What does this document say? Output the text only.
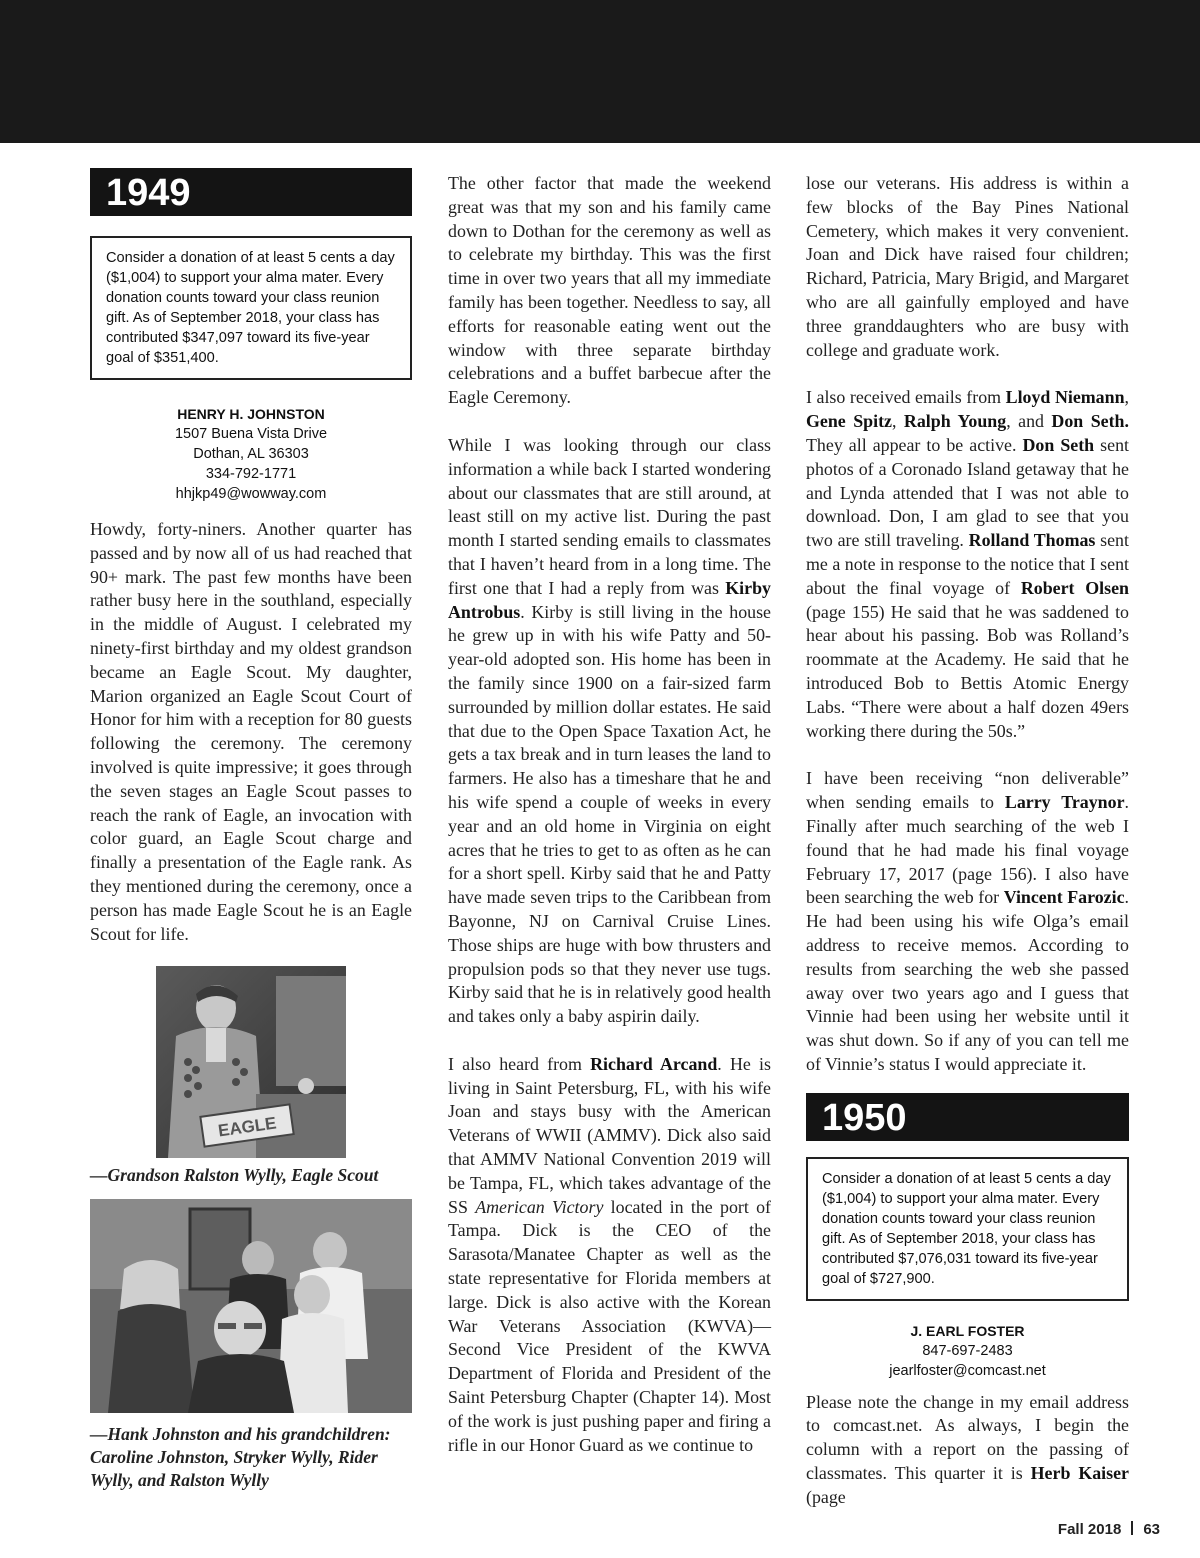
1949
Consider a donation of at least 5 cents a day ($1,004) to support your alma mater. Every donation counts toward your class reunion gift. As of September 2018, your class has contributed $347,097 toward its five-year goal of $351,400.
HENRY H. JOHNSTON
1507 Buena Vista Drive
Dothan, AL 36303
334-792-1771
hhjkp49@wowway.com

Howdy, forty-niners. Another quarter has passed and by now all of us had reached that 90+ mark. The past few months have been rather busy here in the southland, especially in the middle of August. I celebrated my ninety-first birthday and my oldest grandson became an Eagle Scout. My daughter, Marion organized an Eagle Scout Court of Honor for him with a reception for 80 guests following the ceremony. The ceremony involved is quite impressive; it goes through the seven stages an Eagle Scout passes to reach the rank of Eagle, an invocation with color guard, an Eagle Scout charge and finally a presentation of the Eagle rank. As they mentioned during the ceremony, once a person has made Eagle Scout he is an Eagle Scout for life.

EAGLE
—Grandson Ralston Wylly, Eagle Scout
—Hank Johnston and his grandchildren: Caroline Johnston, Stryker Wylly, Rider Wylly, and Ralston Wylly

The other factor that made the weekend great was that my son and his family came down to Dothan for the ceremony as well as to celebrate my birthday. This was the first time in over two years that all my immediate family has been together. Needless to say, all efforts for reasonable eating went out the window with three separate birthday celebrations and a buffet barbecue after the Eagle Ceremony.

While I was looking through our class information a while back I started wondering about our classmates that are still around, at least still on my active list. During the past month I started sending emails to classmates that I haven’t heard from in a long time. The first one that I had a reply from was Kirby Antrobus. Kirby is still living in the house he grew up in with his wife Patty and 50-year-old adopted son. His home has been in the family since 1900 on a fair-sized farm surrounded by million dollar estates. He said that due to the Open Space Taxation Act, he gets a tax break and in turn leases the land to farmers. He also has a timeshare that he and his wife spend a couple of weeks in every year and an old home in Virginia on eight acres that he tries to get to as often as he can for a short spell. Kirby said that he and Patty have made seven trips to the Caribbean from Bayonne, NJ on Carnival Cruise Lines. Those ships are huge with bow thrusters and propulsion pods so that they never use tugs. Kirby said that he is in relatively good health and takes only a baby aspirin daily.

I also heard from Richard Arcand. He is living in Saint Petersburg, FL, with his wife Joan and stays busy with the American Veterans of WWII (AMMV). Dick also said that AMMV National Convention 2019 will be Tampa, FL, which takes advantage of the SS American Victory located in the port of Tampa. Dick is the CEO of the Sarasota/Manatee Chapter as well as the state representative for Florida members at large. Dick is also active with the Korean War Veterans Association (KWVA)—Second Vice President of the KWVA Department of Florida and President of the Saint Petersburg Chapter (Chapter 14). Most of the work is just pushing paper and firing a rifle in our Honor Guard as we continue to

lose our veterans. His address is within a few blocks of the Bay Pines National Cemetery, which makes it very convenient. Joan and Dick have raised four children; Richard, Patricia, Mary Brigid, and Margaret who are all gainfully employed and have three granddaughters who are busy with college and graduate work.

I also received emails from Lloyd Niemann, Gene Spitz, Ralph Young, and Don Seth. They all appear to be active. Don Seth sent photos of a Coronado Island getaway that he and Lynda attended that I was not able to download. Don, I am glad to see that you two are still traveling. Rolland Thomas sent me a note in response to the notice that I sent about the final voyage of Robert Olsen (page 155) He said that he was saddened to hear about his passing. Bob was Rolland’s roommate at the Academy. He said that he introduced Bob to Bettis Atomic Energy Labs. “There were about a half dozen 49ers working there during the 50s.”

I have been receiving “non deliverable” when sending emails to Larry Traynor. Finally after much searching of the web I found that he had made his final voyage February 17, 2017 (page 156). I also have been searching the web for Vincent Farozic. He had been using his wife Olga’s email address to receive memos. According to results from searching the web she passed away over two years ago and I guess that Vinnie had been using her website until it was shut down. So if any of you can tell me of Vinnie’s status I would appreciate it.

1950
Consider a donation of at least 5 cents a day ($1,004) to support your alma mater. Every donation counts toward your class reunion gift. As of September 2018, your class has contributed $7,076,031 toward its five-year goal of $727,900.
J. EARL FOSTER
847-697-2483
jearlfoster@comcast.net

Please note the change in my email address to comcast.net. As always, I begin the column with a report on the passing of classmates. This quarter it is Herb Kaiser (page

Fall 2018 63
